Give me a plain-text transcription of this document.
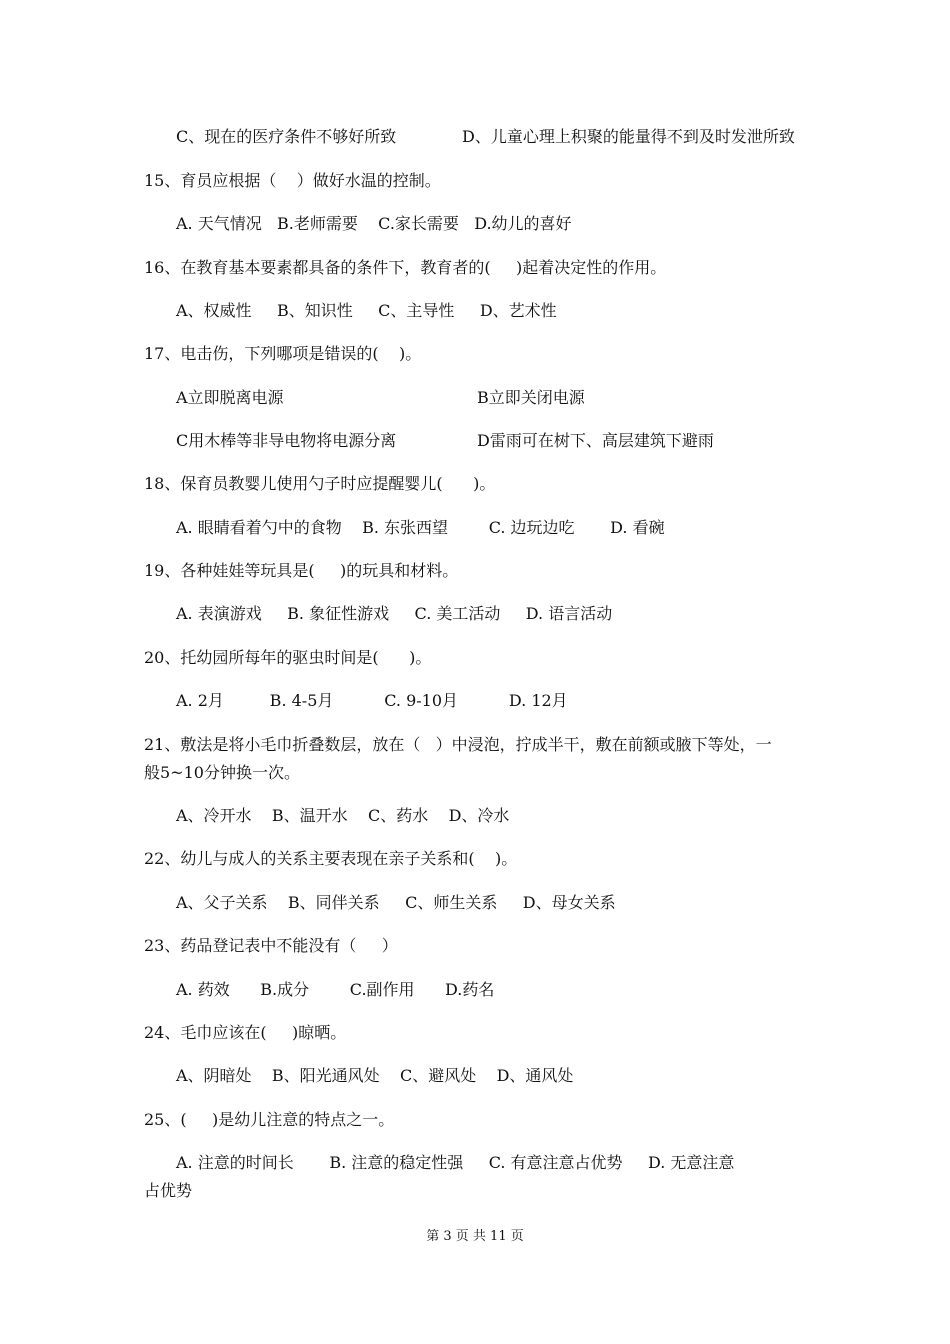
C、现在的医疗条件不够好所致	D、儿童心理上积聚的能量得不到及时发泄所致
15、育员应根据（    ）做好水温的控制。
A. 天气情况   B.老师需要    C.家长需要   D.幼儿的喜好
16、在教育基本要素都具备的条件下，教育者的(     )起着决定性的作用。
A、权威性     B、知识性     C、主导性     D、艺术性
17、电击伤，下列哪项是错误的(    )。
A立即脱离电源	B立即关闭电源
C用木棒等非导电物将电源分离	D雷雨可在树下、高层建筑下避雨
18、保育员教婴儿使用勺子时应提醒婴儿(      )。
A. 眼睛看着勺中的食物    B. 东张西望        C. 边玩边吃       D. 看碗
19、各种娃娃等玩具是(     )的玩具和材料。
A. 表演游戏     B. 象征性游戏     C. 美工活动     D. 语言活动
20、托幼园所每年的驱虫时间是(      )。
A. 2月         B. 4-5月          C. 9-10月          D. 12月
21、敷法是将小毛巾折叠数层，放在（   ）中浸泡，拧成半干，敷在前额或腋下等处，一
般5~10分钟换一次。
A、冷开水    B、温开水    C、药水    D、冷水
22、幼儿与成人的关系主要表现在亲子关系和(    )。
A、父子关系    B、同伴关系     C、师生关系     D、母女关系
23、药品登记表中不能没有（     ）
A. 药效      B.成分        C.副作用      D.药名
24、毛巾应该在(     )晾晒。
A、阴暗处    B、阳光通风处    C、避风处    D、通风处
25、(     )是幼儿注意的特点之一。
A. 注意的时间长       B. 注意的稳定性强     C. 有意注意占优势     D. 无意注意
占优势
第 3 页 共 11 页
